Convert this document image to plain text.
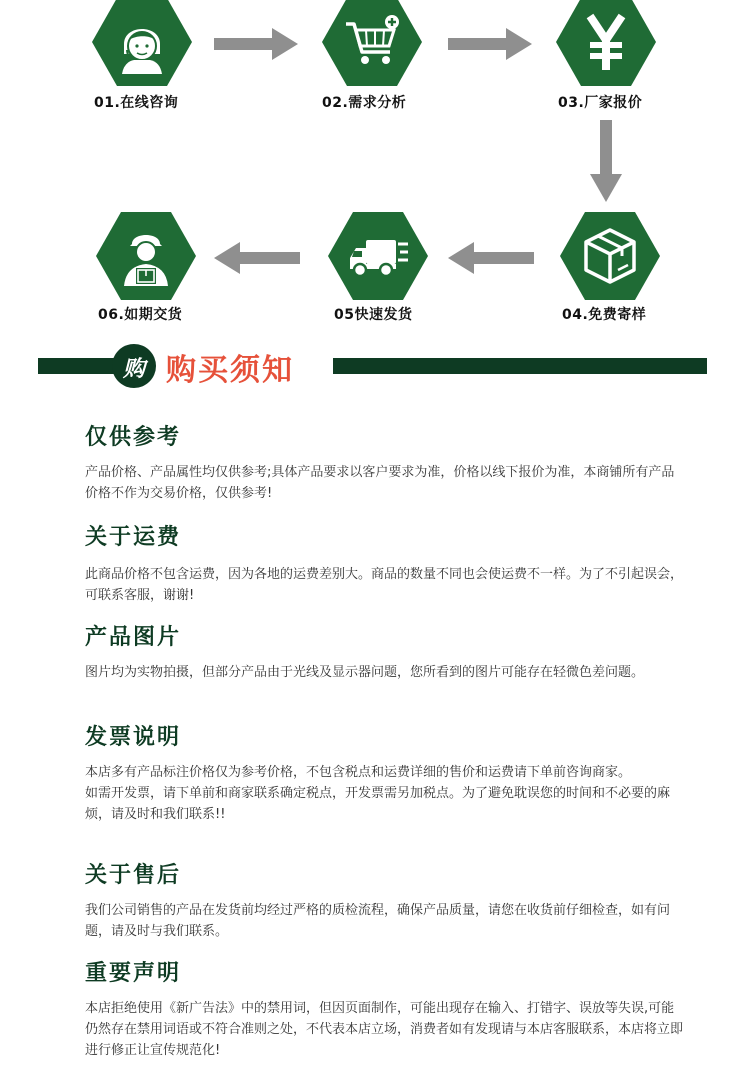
01.在线咨询	02.需求分析	03.厂家报价
04.免费寄样
05快速发货
06.如期交货
购 购买须知
仅供参考

产品价格、产品属性均仅供参考;具体产品要求以客户要求为准，价格以线下报价为准，本商铺所有产品价格不作为交易价格，仅供参考!

关于运费

此商品价格不包含运费，因为各地的运费差别大。商品的数量不同也会使运费不一样。为了不引起误会，可联系客服，谢谢!

产品图片

图片均为实物拍摄，但部分产品由于光线及显示器问题，您所看到的图片可能存在轻微色差问题。

发票说明

本店多有产品标注价格仅为参考价格，不包含税点和运费详细的售价和运费请下单前咨询商家。

如需开发票，请下单前和商家联系确定税点，开发票需另加税点。为了避免耽误您的时间和不必要的麻烦，请及时和我们联系!!

关于售后

我们公司销售的产品在发货前均经过严格的质检流程，确保产品质量，请您在收货前仔细检查，如有问题，请及时与我们联系。

重要声明

本店拒绝使用《新广告法》中的禁用词，但因页面制作，可能出现存在输入、打错字、误放等失误,可能仍然存在禁用词语或不符合准则之处，不代表本店立场，消费者如有发现请与本店客服联系，本店将立即进行修正让宣传规范化!
